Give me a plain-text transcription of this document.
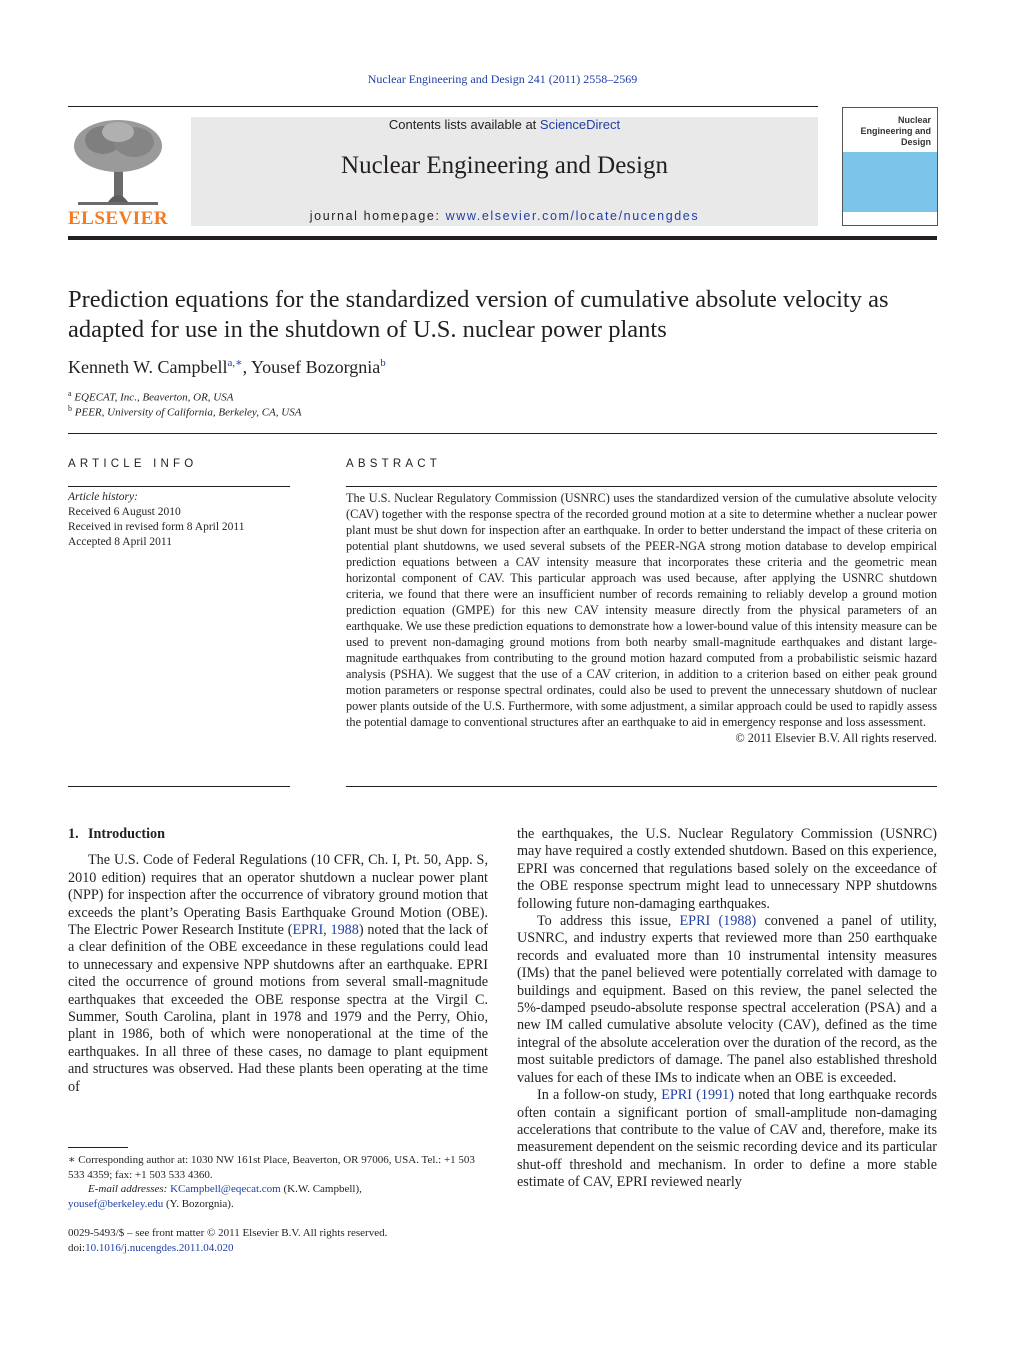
Nuclear Engineering and Design 241 (2011) 2558–2569
ELSEVIER
Contents lists available at ScienceDirect
Nuclear Engineering and Design
journal homepage: www.elsevier.com/locate/nucengdes
Nuclear Engineering and Design
Prediction equations for the standardized version of cumulative absolute velocity as adapted for use in the shutdown of U.S. nuclear power plants
Kenneth W. Campbell$^{a,∗}$, Yousef Bozorgnia$^b$
$^a$ EQECAT, Inc., Beaverton, OR, USA
$^b$ PEER, University of California, Berkeley, CA, USA
ARTICLE INFO
Article history:
Received 6 August 2010
Received in revised form 8 April 2011
Accepted 8 April 2011
ABSTRACT
The U.S. Nuclear Regulatory Commission (USNRC) uses the standardized version of the cumulative absolute velocity (CAV) together with the response spectra of the recorded ground motion at a site to determine whether a nuclear power plant must be shut down for inspection after an earthquake. In order to better understand the impact of these criteria on potential plant shutdowns, we used several subsets of the PEER-NGA strong motion database to develop empirical prediction equations between a CAV intensity measure that incorporates these criteria and the geometric mean horizontal component of CAV. This particular approach was used because, after applying the USNRC shutdown criteria, we found that there were an insufficient number of records remaining to reliably develop a ground motion prediction equation (GMPE) for this new CAV intensity measure directly from the physical parameters of an earthquake. We use these prediction equations to demonstrate how a lower-bound value of this intensity measure can be used to prevent non-damaging ground motions from both nearby small-magnitude earthquakes and distant large-magnitude earthquakes from contributing to the ground motion hazard computed from a probabilistic seismic hazard analysis (PSHA). We suggest that the use of a CAV criterion, in addition to a criterion based on either peak ground motion parameters or response spectral ordinates, could also be used to prevent the unnecessary shutdown of nuclear power plants outside of the U.S. Furthermore, with some adjustment, a similar approach could be used to rapidly assess the potential damage to conventional structures after an earthquake to aid in emergency response and loss assessment.
© 2011 Elsevier B.V. All rights reserved.

1. Introduction

The U.S. Code of Federal Regulations (10 CFR, Ch. I, Pt. 50, App. S, 2010 edition) requires that an operator shutdown a nuclear power plant (NPP) for inspection after the occurrence of vibratory ground motion that exceeds the plant’s Operating Basis Earthquake Ground Motion (OBE). The Electric Power Research Institute (EPRI, 1988) noted that the lack of a clear definition of the OBE exceedance in these regulations could lead to unnecessary and expensive NPP shutdowns after an earthquake. EPRI cited the occurrence of ground motions from several small-magnitude earthquakes that exceeded the OBE response spectra at the Virgil C. Summer, South Carolina, plant in 1978 and 1979 and the Perry, Ohio, plant in 1986, both of which were nonoperational at the time of the earthquakes. In all three of these cases, no damage to plant equipment and structures was observed. Had these plants been operating at the time of

the earthquakes, the U.S. Nuclear Regulatory Commission (USNRC) may have required a costly extended shutdown. Based on this experience, EPRI was concerned that regulations based solely on the exceedance of the OBE response spectrum might lead to unnecessary NPP shutdowns following future non-damaging earthquakes.

To address this issue, EPRI (1988) convened a panel of utility, USNRC, and industry experts that reviewed more than 250 earthquake records and evaluated more than 10 instrumental intensity measures (IMs) that the panel believed were potentially correlated with damage to buildings and equipment. Based on this review, the panel selected the 5%-damped pseudo-absolute response spectral acceleration (PSA) and a new IM called cumulative absolute velocity (CAV), defined as the time integral of the absolute acceleration over the duration of the record, as the most suitable predictors of damage. The panel also established threshold values for each of these IMs to indicate when an OBE is exceeded.

In a follow-on study, EPRI (1991) noted that long earthquake records often contain a significant portion of small-amplitude non-damaging accelerations that contribute to the value of CAV and, therefore, make its measurement dependent on the seismic recording device and its particular shut-off threshold and mechanism. In order to define a more stable estimate of CAV, EPRI reviewed nearly

∗ Corresponding author at: 1030 NW 161st Place, Beaverton, OR 97006, USA. Tel.: +1 503 533 4359; fax: +1 503 533 4360.
E-mail addresses: KCampbell@eqecat.com (K.W. Campbell),
yousef@berkeley.edu (Y. Bozorgnia).
0029-5493/$ – see front matter © 2011 Elsevier B.V. All rights reserved.
doi:10.1016/j.nucengdes.2011.04.020
